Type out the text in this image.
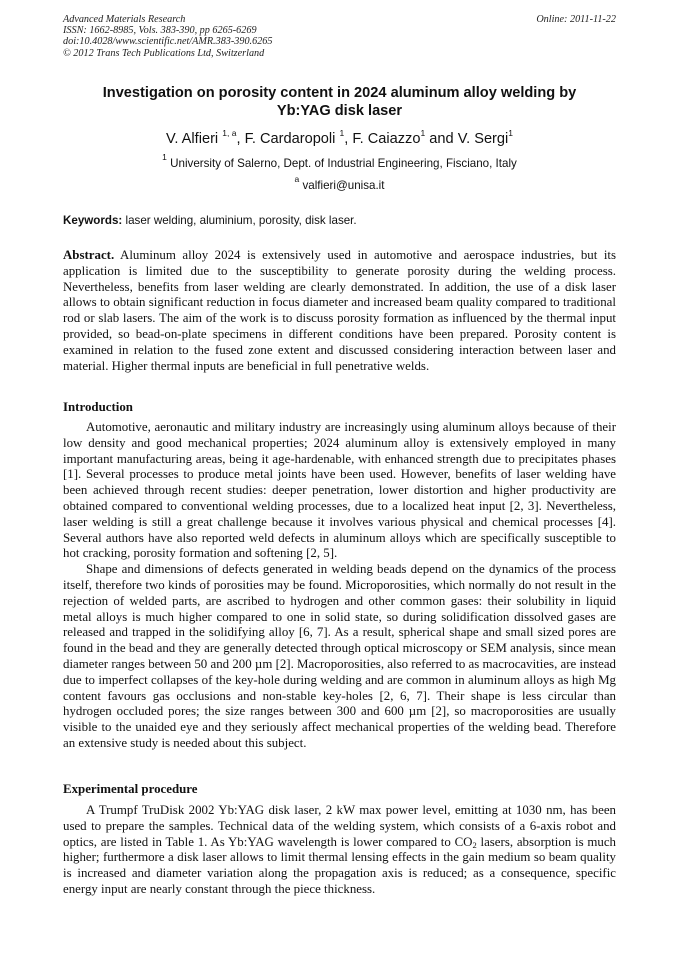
Advanced Materials Research	Online: 2011-11-22
ISSN: 1662-8985, Vols. 383-390, pp 6265-6269
doi:10.4028/www.scientific.net/AMR.383-390.6265
© 2012 Trans Tech Publications Ltd, Switzerland
Investigation on porosity content in 2024 aluminum alloy welding by
Yb:YAG disk laser
V. Alfieri $^{1, a}$, F. Cardaropoli $^1$, F. Caiazzo$^1$ and V. Sergi$^1$
$^1$ University of Salerno, Dept. of Industrial Engineering, Fisciano, Italy
$^a$ valfieri@unisa.it
Keywords: laser welding, aluminium, porosity, disk laser.

Abstract. Aluminum alloy 2024 is extensively used in automotive and aerospace industries, but its application is limited due to the susceptibility to generate porosity during the welding process. Nevertheless, benefits from laser welding are clearly demonstrated. In addition, the use of a disk laser allows to obtain significant reduction in focus diameter and increased beam quality compared to traditional rod or slab lasers. The aim of the work is to discuss porosity formation as influenced by the thermal input provided, so bead-on-plate specimens in different conditions have been prepared. Porosity content is examined in relation to the fused zone extent and discussed considering interaction between laser and material. Higher thermal inputs are beneficial in full penetrative welds.

Introduction

Automotive, aeronautic and military industry are increasingly using aluminum alloys because of their low density and good mechanical properties; 2024 aluminum alloy is extensively employed in many important manufacturing areas, being it age-hardenable, with enhanced strength due to precipitates phases [1]. Several processes to produce metal joints have been used. However, benefits of laser welding have been achieved through recent studies: deeper penetration, lower distortion and higher productivity are obtained compared to conventional welding processes, due to a localized heat input [2, 3]. Nevertheless, laser welding is still a great challenge because it involves various physical and chemical processes [4]. Several authors have also reported weld defects in aluminum alloys which are specifically susceptible to hot cracking, porosity formation and softening [2, 5].

Shape and dimensions of defects generated in welding beads depend on the dynamics of the process itself, therefore two kinds of porosities may be found. Microporosities, which normally do not result in the rejection of welded parts, are ascribed to hydrogen and other common gases: their solubility in liquid metal alloys is much higher compared to one in solid state, so during solidification dissolved gases are released and trapped in the solidifying alloy [6, 7]. As a result, spherical shape and small sized pores are found in the bead and they are generally detected through optical microscopy or SEM analysis, since mean diameter ranges between 50 and 200 µm [2]. Macroporosities, also referred to as macrocavities, are instead due to imperfect collapses of the key-hole during welding and are common in aluminum alloys as high Mg content favours gas occlusions and non-stable key-holes [2, 6, 7]. Their shape is less circular than hydrogen occluded pores; the size ranges between 300 and 600 µm [2], so macroporosities are usually visible to the unaided eye and they seriously affect mechanical properties of the welding bead. Therefore an extensive study is needed about this subject.

Experimental procedure

A Trumpf TruDisk 2002 Yb:YAG disk laser, 2 kW max power level, emitting at 1030 nm, has been used to prepare the samples. Technical data of the welding system, which consists of a 6-axis robot and optics, are listed in Table 1. As Yb:YAG wavelength is lower compared to $CO_2$ lasers, absorption is much higher; furthermore a disk laser allows to limit thermal lensing effects in the gain medium so beam quality is increased and diameter variation along the propagation axis is reduced; as a consequence, specific energy input are nearly constant through the piece thickness.
